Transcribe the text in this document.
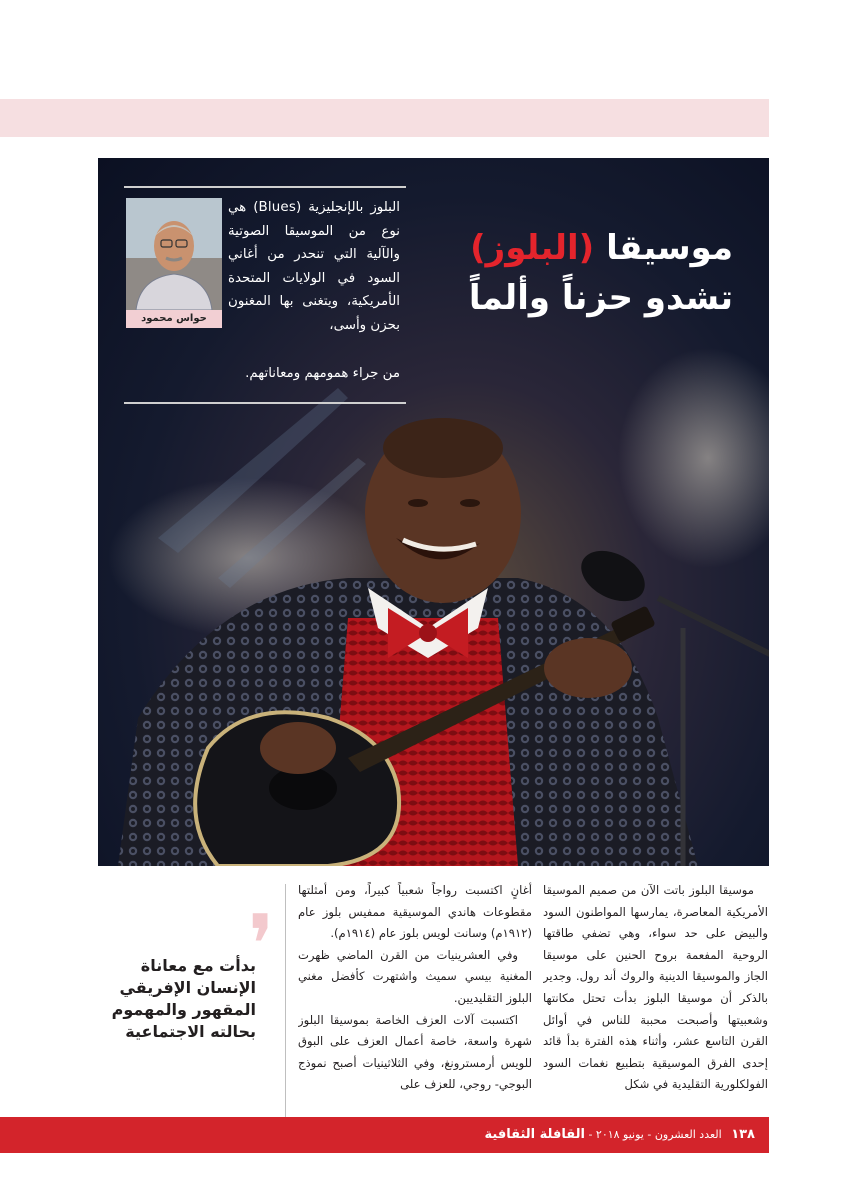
موسيقا (البلوز)
تشدو حزناً وألماً
حواس محمود
البلوز بالإنجليزية (Blues) هي نوع من الموسيقا الصوتية والآلية التي تنحدر من أغاني السود في الولايات المتحدة الأمريكية، ويتغنى بها المغنون بحزن وأسى،
من جراء همومهم ومعاناتهم.
❜
بدأت مع معاناة الإنسان الإفريقي المقهور والمهموم بحالته الاجتماعية

موسيقا البلوز باتت الآن من صميم الموسيقا الأمريكية المعاصرة، يمارسها المواطنون السود والبيض على حد سواء، وهي تضفي طاقتها الروحية المفعمة بروح الحنين على موسيقا الجاز والموسيقا الدينية والروك أند رول. وجدير بالذكر أن موسيقا البلوز بدأت تحتل مكانتها وشعبيتها وأصبحت محببة للناس في أوائل القرن التاسع عشر، وأثناء هذه الفترة بدأ قائد إحدى الفرق الموسيقية بتطبيع نغمات السود الفولكلورية التقليدية في شكل

أغانٍ اكتسبت رواجاً شعبياً كبيراً، ومن أمثلتها مقطوعات هاندي الموسيقية ممفيس بلوز عام (١٩١٢م) وسانت لويس بلوز عام (١٩١٤م).

وفي العشرينيات من القرن الماضي ظهرت المغنية بيسي سميث واشتهرت كأفضل مغني البلوز التقليديين.

اكتسبت آلات العزف الخاصة بموسيقا البلوز شهرة واسعة، خاصة أعمال العزف على البوق للويس أرمسترونغ، وفي الثلاثينيات أصبح نموذج البوجي- روجي، للعزف على

١٣٨ العدد العشرون - يونيو ٢٠١٨ - القافلة الثقافية
